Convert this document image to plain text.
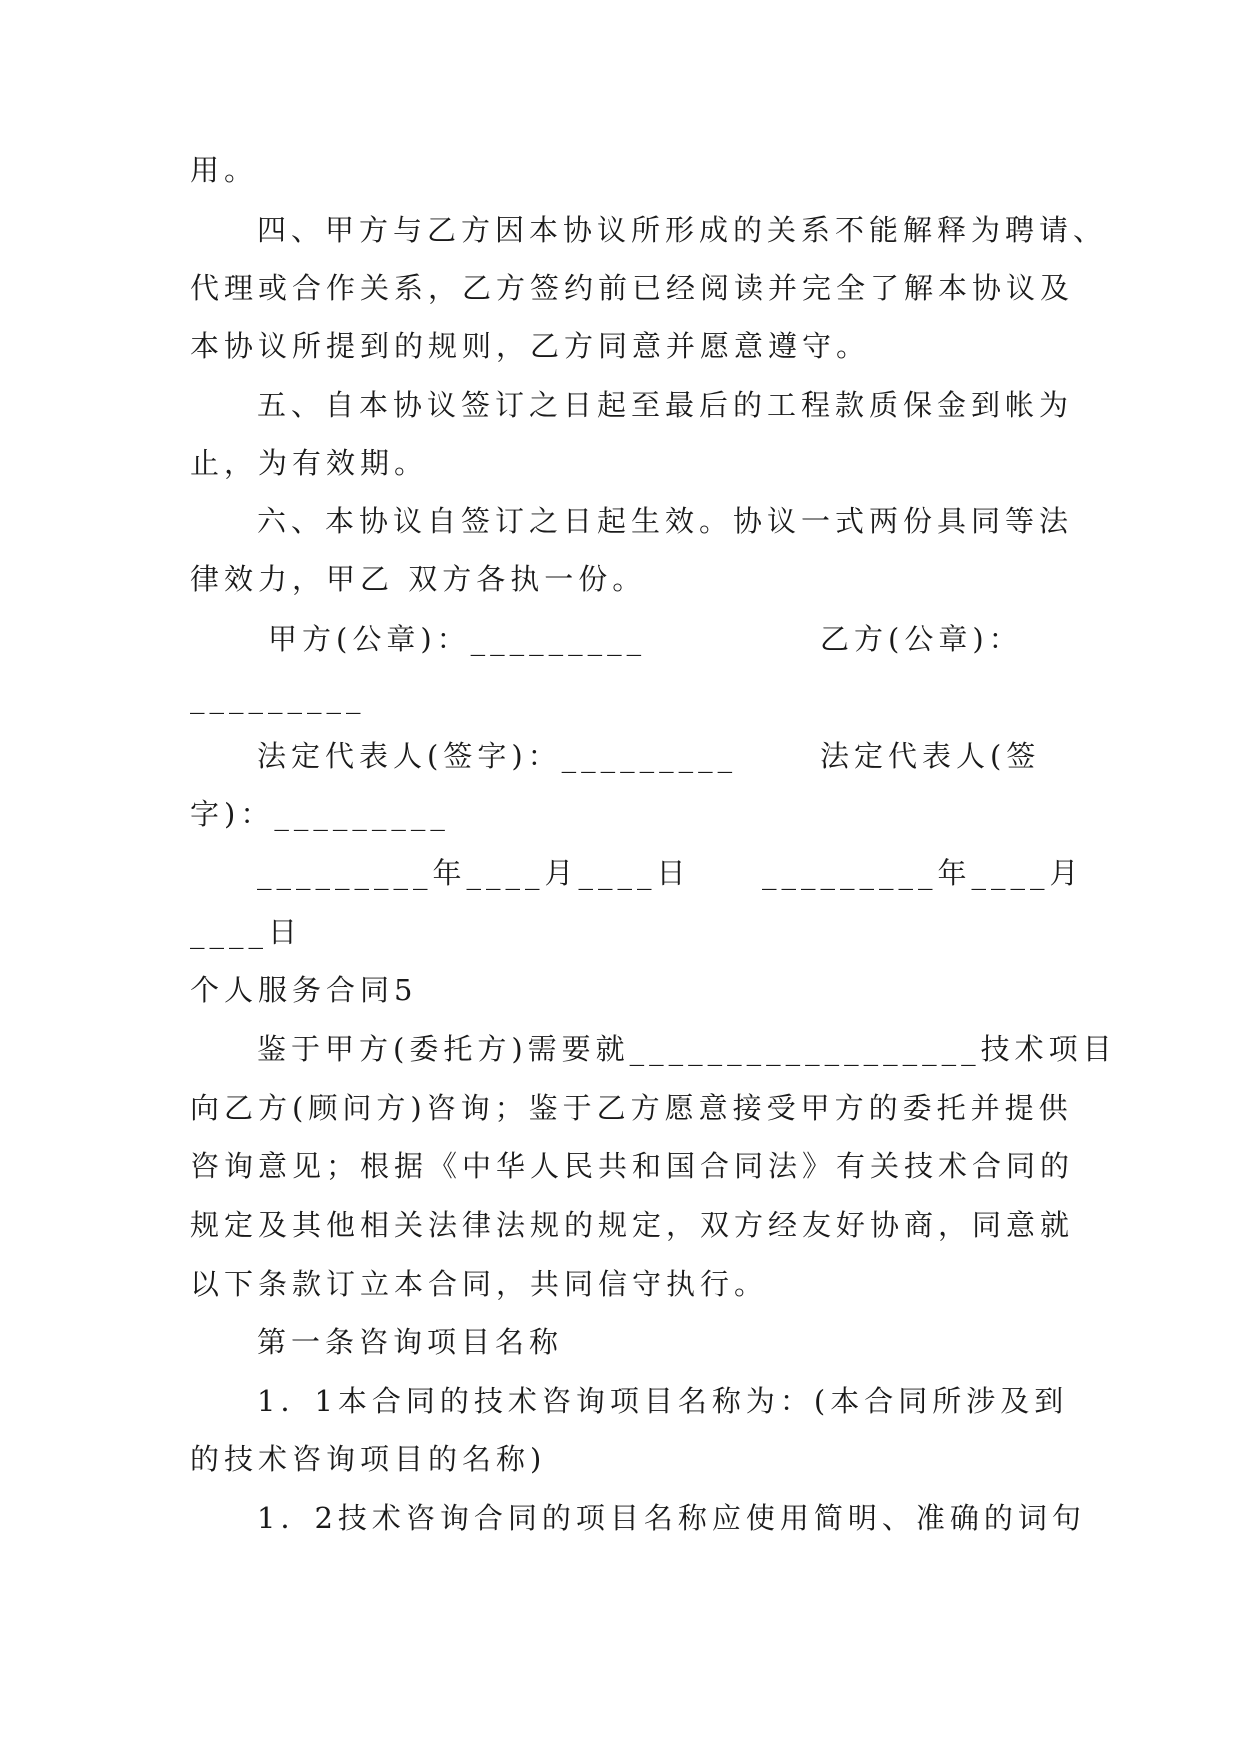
用。
四、甲方与乙方因本协议所形成的关系不能解释为聘请、
代理或合作关系，乙方签约前已经阅读并完全了解本协议及
本协议所提到的规则，乙方同意并愿意遵守。
五、自本协议签订之日起至最后的工程款质保金到帐为
止，为有效期。
六、本协议自签订之日起生效。协议一式两份具同等法
律效力，甲乙 双方各执一份。
甲方(公章)：_________	乙方(公章)：
_________
法定代表人(签字)：_________	法定代表人(签
字)：_________
_________年____月____日 _________年____月
____日
个人服务合同5
鉴于甲方(委托方)需要就__________________技术项目
向乙方(顾问方)咨询；鉴于乙方愿意接受甲方的委托并提供
咨询意见；根据《中华人民共和国合同法》有关技术合同的
规定及其他相关法律法规的规定，双方经友好协商，同意就
以下条款订立本合同，共同信守执行。
第一条咨询项目名称
1．1本合同的技术咨询项目名称为：(本合同所涉及到
的技术咨询项目的名称)
1．2技术咨询合同的项目名称应使用简明、准确的词句
